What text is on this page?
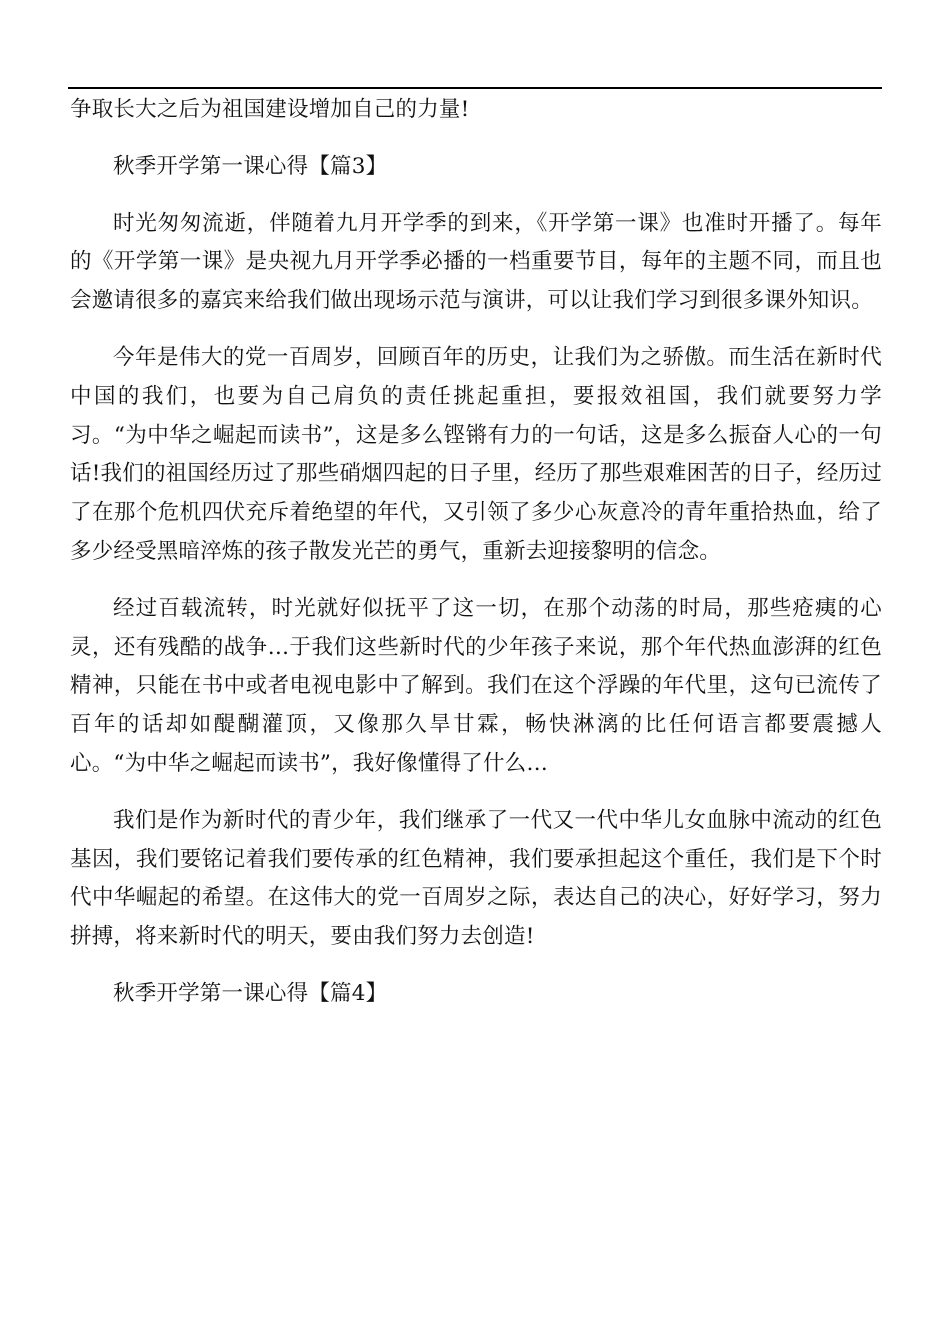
争取长大之后为祖国建设增加自己的力量!

秋季开学第一课心得【篇3】

时光匆匆流逝，伴随着九月开学季的到来，《开学第一课》也准时开播了。每年的《开学第一课》是央视九月开学季必播的一档重要节目，每年的主题不同，而且也会邀请很多的嘉宾来给我们做出现场示范与演讲，可以让我们学习到很多课外知识。

今年是伟大的党一百周岁，回顾百年的历史，让我们为之骄傲。而生活在新时代中国的我们，也要为自己肩负的责任挑起重担，要报效祖国，我们就要努力学习。“为中华之崛起而读书”，这是多么铿锵有力的一句话，这是多么振奋人心的一句话!我们的祖国经历过了那些硝烟四起的日子里，经历了那些艰难困苦的日子，经历过了在那个危机四伏充斥着绝望的年代，又引领了多少心灰意冷的青年重拾热血，给了多少经受黑暗淬炼的孩子散发光芒的勇气，重新去迎接黎明的信念。

经过百载流转，时光就好似抚平了这一切，在那个动荡的时局，那些疮痍的心灵，还有残酷的战争…于我们这些新时代的少年孩子来说，那个年代热血澎湃的红色精神，只能在书中或者电视电影中了解到。我们在这个浮躁的年代里，这句已流传了百年的话却如醍醐灌顶，又像那久旱甘霖，畅快淋漓的比任何语言都要震撼人心。“为中华之崛起而读书”，我好像懂得了什么…

我们是作为新时代的青少年，我们继承了一代又一代中华儿女血脉中流动的红色基因，我们要铭记着我们要传承的红色精神，我们要承担起这个重任，我们是下个时代中华崛起的希望。在这伟大的党一百周岁之际，表达自己的决心，好好学习，努力拼搏，将来新时代的明天，要由我们努力去创造!

秋季开学第一课心得【篇4】
